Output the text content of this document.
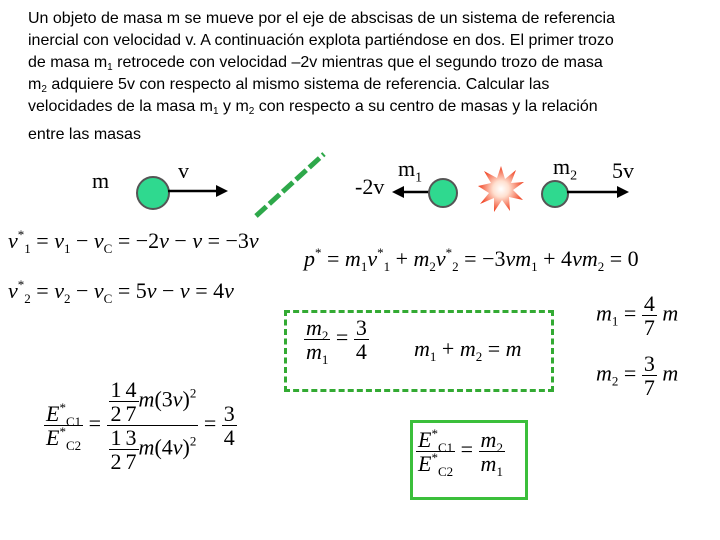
Un objeto de masa m se mueve por el eje de abscisas de un sistema de referencia
inercial con velocidad v. A continuación explota partiéndose en dos. El primer trozo
de masa $m_1$ retrocede con velocidad –2v mientras que el segundo trozo de masa
$m_2$ adquiere 5v con respecto al mismo sistema de referencia. Calcular las
velocidades de la masa $m_1$ y $m_2$ con respecto a su centro de masas y la relación
entre las masas
m	v
-2v
$m_1$	$m_2$ 5v
$v^*_1 = v_1 - v_C = -2v - v = -3v$
$v^*_2 = v_2 - v_C = 5v - v = 4v$
$p^* = m_1v^*_1 + m_2v^*_2 = -3vm_1 + 4vm_2 = 0$
$\frac{m_2}{m_1} = \frac{3}{4} m_1 + m_2 = m$
$m_1 = \frac{4}{7}$ m
$m_2 = \frac{3}{7}$ m
$\frac{E^*_{C1}}{E^*_{C2}} = \frac{\frac{1}{2} \frac{4}{7} m(3v)^2}{\frac{1}{2} \frac{3}{7} m(4v)^2} = \frac{3}{4}$
$\frac{E^*_{C1}}{E^*_{C2}} = \frac{m_2}{m_1}$
